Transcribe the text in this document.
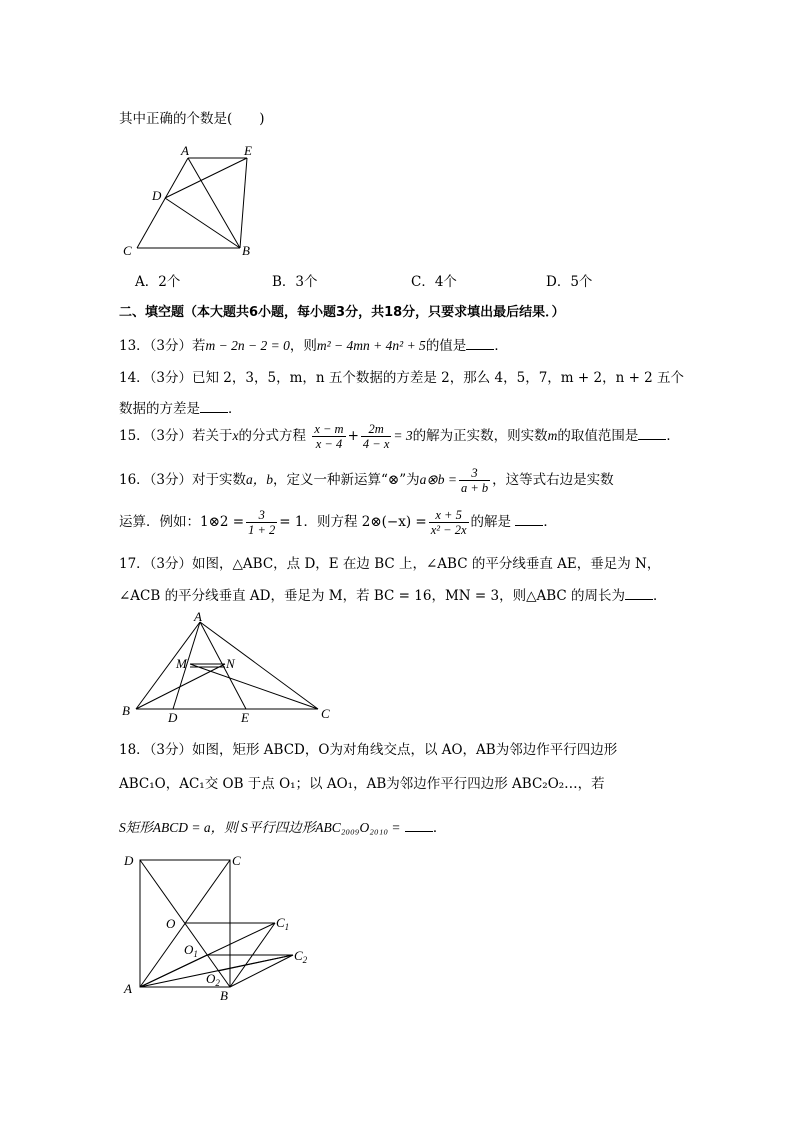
其中正确的个数是(　　)
A	E
D
C	B
A．2个	B．3个	C．4个	D．5个
二、填空题（本大题共6小题，每小题3分，共18分，只要求填出最后结果．）
13．（3分）若m − 2n − 2 = 0，则m² − 4mn + 4n² + 5的值是 ．
14．（3分）已知 2，3，5，m，n 五个数据的方差是 2，那么 4，5，7，m + 2，n + 2 五个
数据的方差是 ．
15．（3分）若关于x的分式方程 $\frac{x - m}{x - 4} + \frac{2m}{4 - x} = 3$的解为正实数，则实数m的取值范围是 ．
16．（3分）对于实数a，b，定义一种新运算“⊗”为a⊗b = $\frac{3}{a + b}$ ，这等式右边是实数
运算．例如：1⊗2 = $\frac{3}{1 + 2} = 1$．则方程 2⊗(−x) = $\frac{x + 5}{\text{x² − 2x}}$ 的解是 ．
17．（3分）如图，△ABC，点 D，E 在边 BC 上，∠ABC 的平分线垂直 AE，垂足为 N，
∠ACB 的平分线垂直 AD，垂足为 M，若 BC = 16，MN = 3，则△ABC 的周长为 ．
A
M	N
B	D	E	C
18．（3分）如图，矩形 ABCD，O为对角线交点，以 AO，AB为邻边作平行四边形
ABC₁O，AC₁交 OB 于点 O₁；以 AO₁，AB为邻边作平行四边形 ABC₂O₂…，若
S矩形ABCD = a，则 S平行四边形ABC₂₀₀₉O₂₀₁₀ = ．
D	C
O	$C_1$
$O_1$	$C_2$
A
$O_2$
B
